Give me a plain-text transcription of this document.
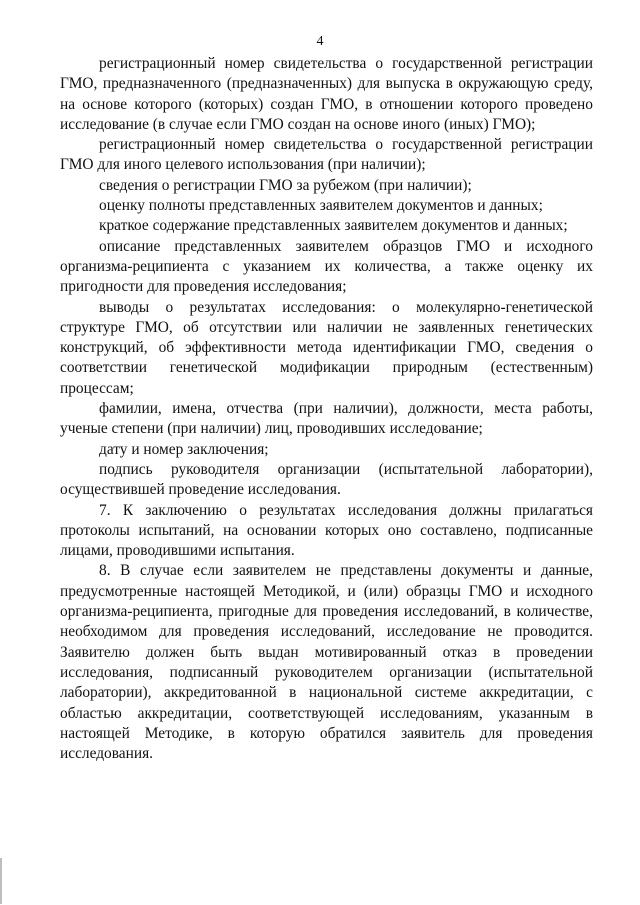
4

регистрационный номер свидетельства о государственной регистрации ГМО, предназначенного (предназначенных) для выпуска в окружающую среду, на основе которого (которых) создан ГМО, в отношении которого проведено исследование (в случае если ГМО создан на основе иного (иных) ГМО);

регистрационный номер свидетельства о государственной регистрации ГМО для иного целевого использования (при наличии);

сведения о регистрации ГМО за рубежом (при наличии);

оценку полноты представленных заявителем документов и данных;

краткое содержание представленных заявителем документов и данных;

описание представленных заявителем образцов ГМО и исходного организма-реципиента с указанием их количества, а также оценку их пригодности для проведения исследования;

выводы о результатах исследования: о молекулярно-генетической структуре ГМО, об отсутствии или наличии не заявленных генетических конструкций, об эффективности метода идентификации ГМО, сведения о соответствии генетической модификации природным (естественным) процессам;

фамилии, имена, отчества (при наличии), должности, места работы, ученые степени (при наличии) лиц, проводивших исследование;

дату и номер заключения;

подпись руководителя организации (испытательной лаборатории), осуществившей проведение исследования.

7. К заключению о результатах исследования должны прилагаться протоколы испытаний, на основании которых оно составлено, подписанные лицами, проводившими испытания.

8. В случае если заявителем не представлены документы и данные, предусмотренные настоящей Методикой, и (или) образцы ГМО и исходного организма-реципиента, пригодные для проведения исследований, в количестве, необходимом для проведения исследований, исследование не проводится. Заявителю должен быть выдан мотивированный отказ в проведении исследования, подписанный руководителем организации (испытательной лаборатории), аккредитованной в национальной системе аккредитации, с областью аккредитации, соответствующей исследованиям, указанным в настоящей Методике, в которую обратился заявитель для проведения исследования.
